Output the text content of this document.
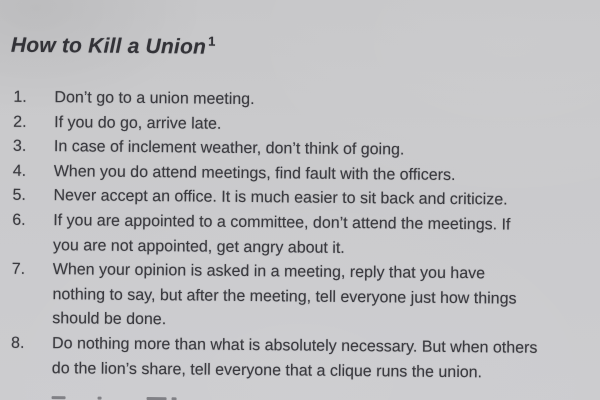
How to Kill a Union $^1$
1.	Don’t go to a union meeting.
2.	If you do go, arrive late.
3.	In case of inclement weather, don’t think of going.
4.	When you do attend meetings, find fault with the officers.
5.	Never accept an office. It is much easier to sit back and criticize.
6.	If you are appointed to a committee, don’t attend the meetings. If
you are not appointed, get angry about it.
7.	When your opinion is asked in a meeting, reply that you have
nothing to say, but after the meeting, tell everyone just how things
should be done.
8.	Do nothing more than what is absolutely necessary. But when others
do the lion’s share, tell everyone that a clique runs the union.
